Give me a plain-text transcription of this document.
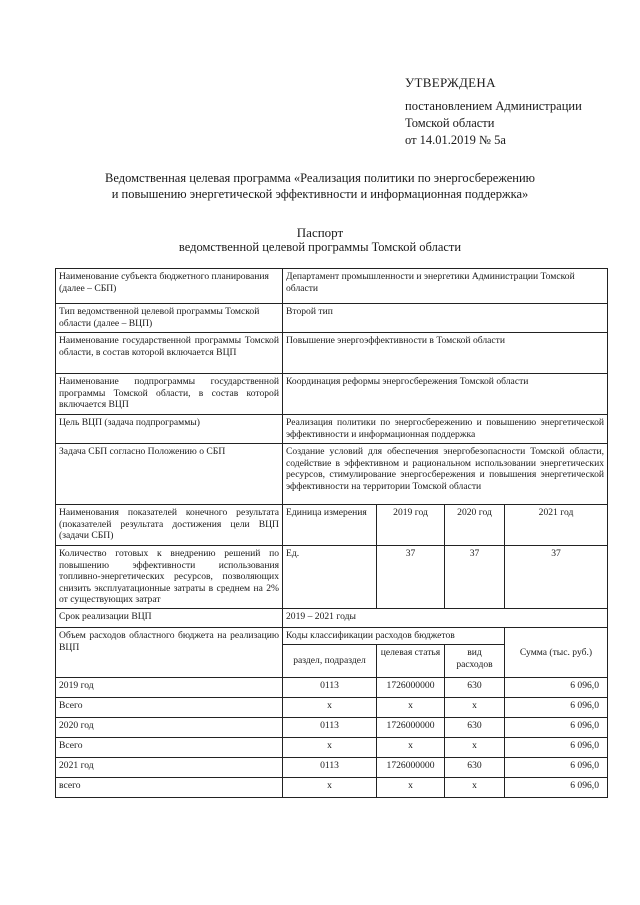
УТВЕРЖДЕНА
постановлением Администрации
Томской области
от 14.01.2019 № 5а
Ведомственная целевая программа «Реализация политики по энергосбережению
и повышению энергетической эффективности и информационная поддержка»
Паспорт
ведомственной целевой программы Томской области
Наименование субъекта бюджетного планирования (далее – СБП)	Департамент промышленности и энергетики Администрации Томской области			
Тип ведомственной целевой программы Томской области (далее – ВЦП)	Второй тип			
Наименование государственной программы Томской области, в состав которой включается ВЦП	Повышение энергоэффективности в Томской области			
Наименование подпрограммы государственной программы Томской области, в состав которой включается ВЦП	Координация реформы энергосбережения Томской области			
Цель ВЦП (задача подпрограммы)	Реализация политики по энергосбережению и повышению энергетической эффективности и информационная поддержка			
Задача СБП согласно Положению о СБП	Создание условий для обеспечения энергобезопасности Томской области, содействие в эффективном и рациональном использовании энергетических ресурсов, стимулирование энергосбережения и повышения энергетической эффективности на территории Томской области			
Наименования показателей конечного результата (показателей результата достижения цели ВЦП (задачи СБП)	Единица измерения	2019 год	2020 год	2021 год
Количество готовых к внедрению решений по повышению эффективности использования топливно-энергетических ресурсов, позволяющих снизить эксплуатационные затраты в среднем на 2% от существующих затрат	Ед.	37	37	37
Срок реализации ВЦП	2019 – 2021 годы			
Объем расходов областного бюджета на реализацию ВЦП	Коды классификации расходов бюджетов			Сумма (тыс. руб.)
	раздел, подраздел	целевая статья	вид расходов	
2019 год	0113	1726000000	630	6 096,0
Всего	х	х	х	6 096,0
2020 год	0113	1726000000	630	6 096,0
Всего	х	х	х	6 096,0
2021 год	0113	1726000000	630	6 096,0
всего	х	х	х	6 096,0
